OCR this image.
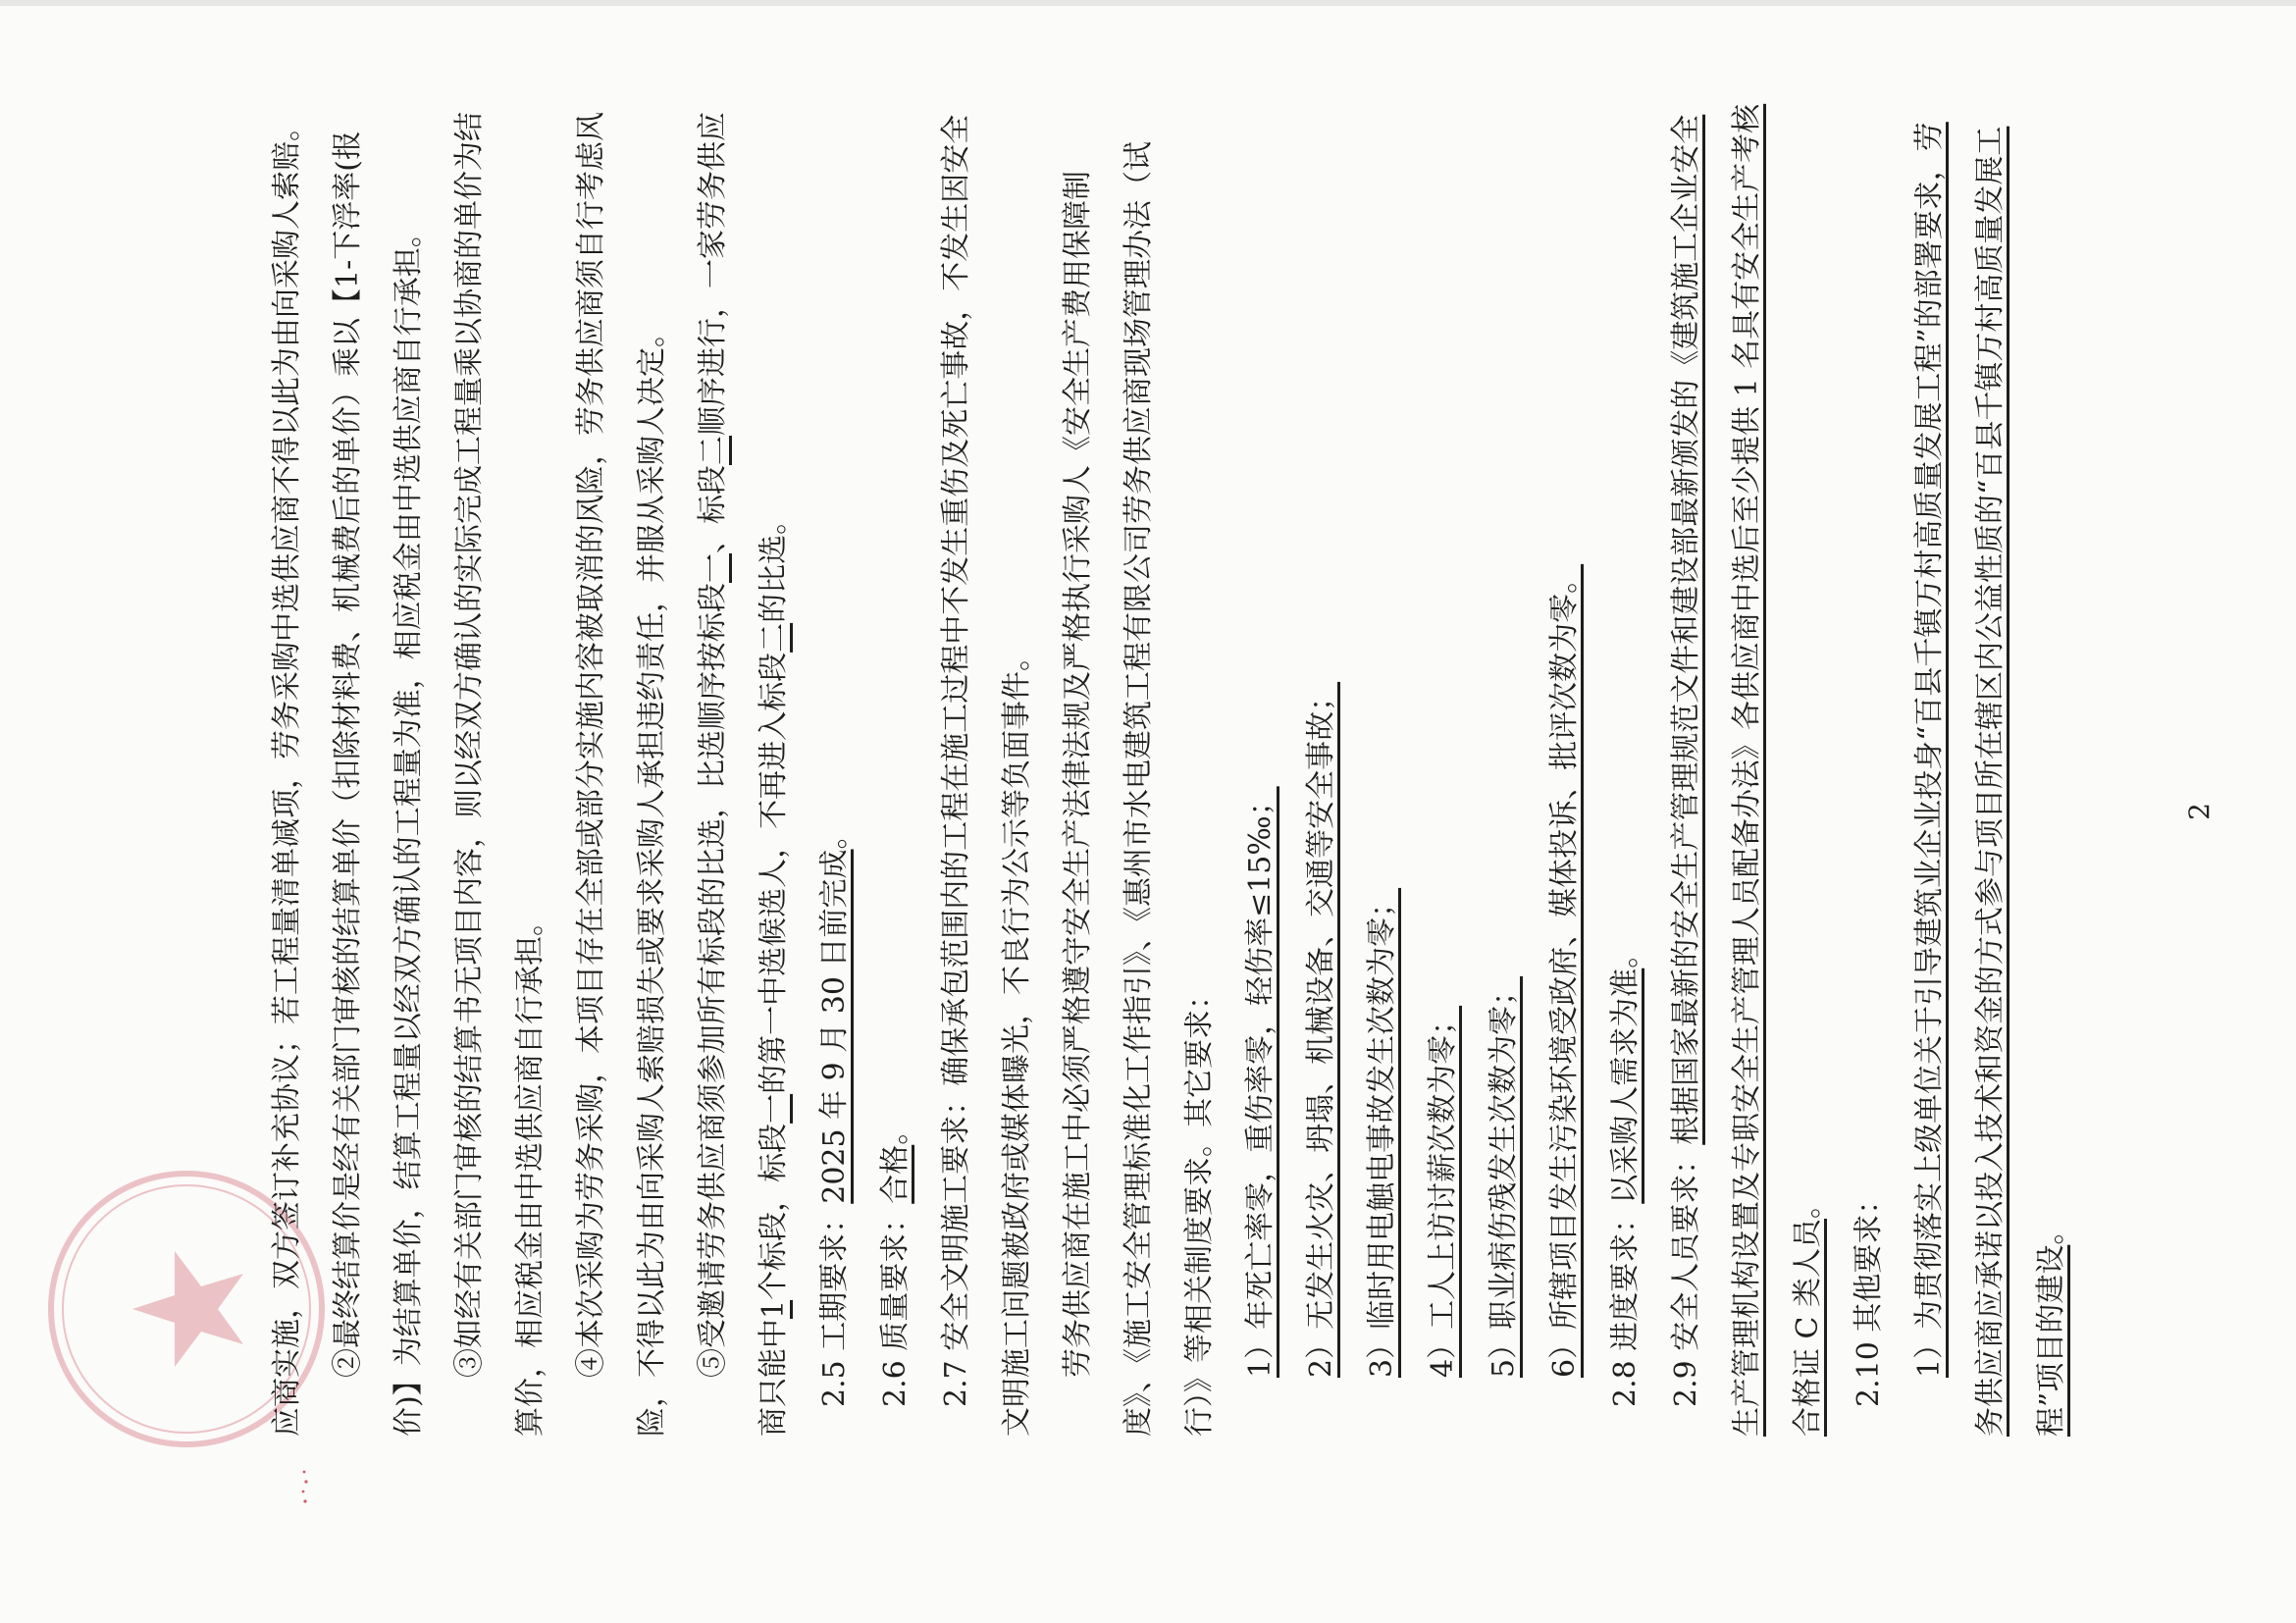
应商实施，双方签订补充协议；若工程量清单减项，劳务采购中选供应商不得以此为由向采购人索赔。 ②最终结算价是经有关部门审核的结算单价（扣除材料费、机械费后的单价）乘以【1-下浮率(报价)】为结算单价，结算工程量以经双方确认的工程量为准，相应税金由中选供应商自行承担。 ③如经有关部门审核的结算书无项目内容，则以经双方确认的实际完成工程量乘以协商的单价为结算价，相应税金由中选供应商自行承担。 ④本次采购为劳务采购，本项目存在全部或部分实施内容被取消的风险，劳务供应商须自行考虑风险，不得以此为由向采购人索赔损失或要求采购人承担违约责任，并服从采购人决定。 ⑤受邀请劳务供应商须参加所有标段的比选，比选顺序按标段一、标段二顺序进行，一家劳务供应商只能中1个标段，标段一的第一中选候选人，不再进入标段二的比选。

2.5 工期要求：2025 年 9 月 30 日前完成。

2.6 质量要求：合格。 2.7 安全文明施工要求：确保承包范围内的工程在施工过程中不发生重伤及死亡事故，不发生因安全文明施工问题被政府或媒体曝光，不良行为公示等负面事件。 劳务供应商在施工中必须严格遵守安全生产法律法规及严格执行采购人《安全生产费用保障制度》、《施工安全管理标准化工作指引》、《惠州市水电建筑工程有限公司劳务供应商现场管理办法（试行）》等相关制度要求。其它要求： 1）年死亡率零，重伤率零，轻伤率≤15‰； 2）无发生火灾、坍塌、机械设备、交通等安全事故； 3）临时用电触电事故发生次数为零； 4）工人上访讨薪次数为零； 5）职业病伤残发生次数为零； 6）所辖项目发生污染环境受政府、媒体投诉、批评次数为零。 2.8 进度要求：以采购人需求为准。

2.9 安全人员要求：根据国家最新的安全生产管理规范文件和建设部最新颁发的《建筑施工企业安全生产管理机构设置及专职安全生产管理人员配备办法》各供应商中选后至少提供 1 名具有安全生产考核合格证 C 类人员。 2.10 其他要求： 1）为贯彻落实上级单位关于引导建筑业企业投身“百县千镇万村高质量发展工程”的部署要求，劳务供应商应承诺以投入技术和资金的方式参与项目所在辖区内公益性质的“百县千镇万村高质量发展工程”项目的建设。

2
